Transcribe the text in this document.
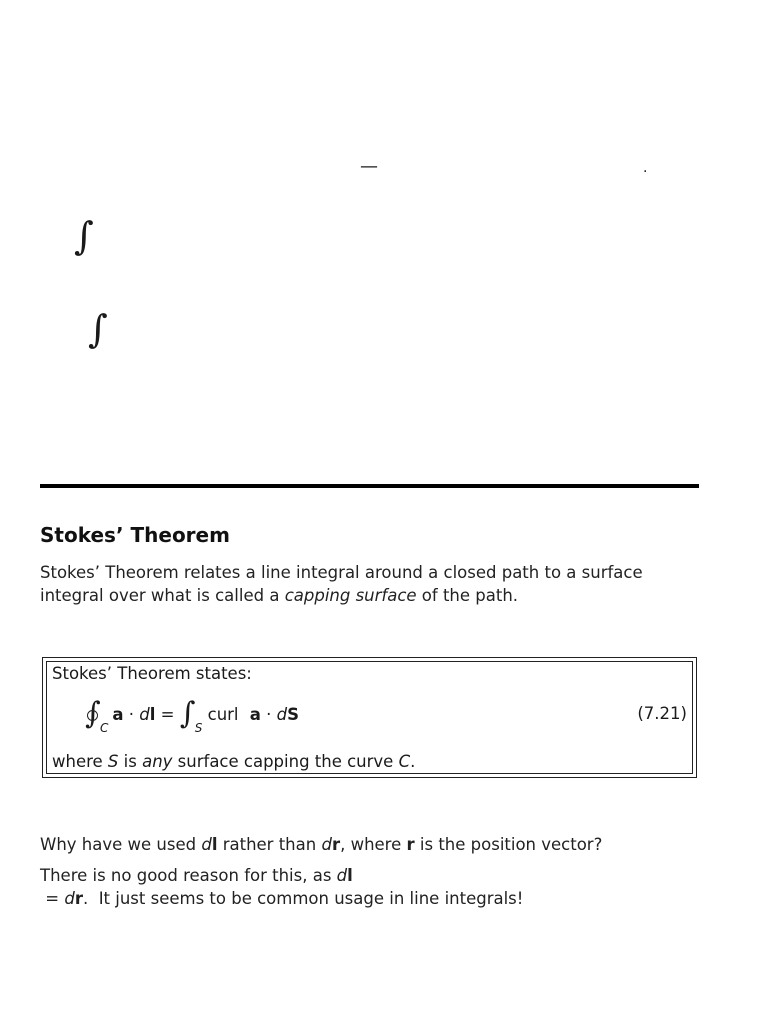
—	.
∫
∫
Stokes’ Theorem
Stokes’ Theorem relates a line integral around a closed path to a surface integral over what is called a capping surface of the path.
Stokes’ Theorem states:
∫ C
a · d l = ∫ S
curl a · d S	(7.21)
where S is any surface capping the curve C.
Why have we used dl rather than dr, where r is the position vector?
There is no good reason for this, as dl = dr.  It just seems to be common usage in line integrals!
